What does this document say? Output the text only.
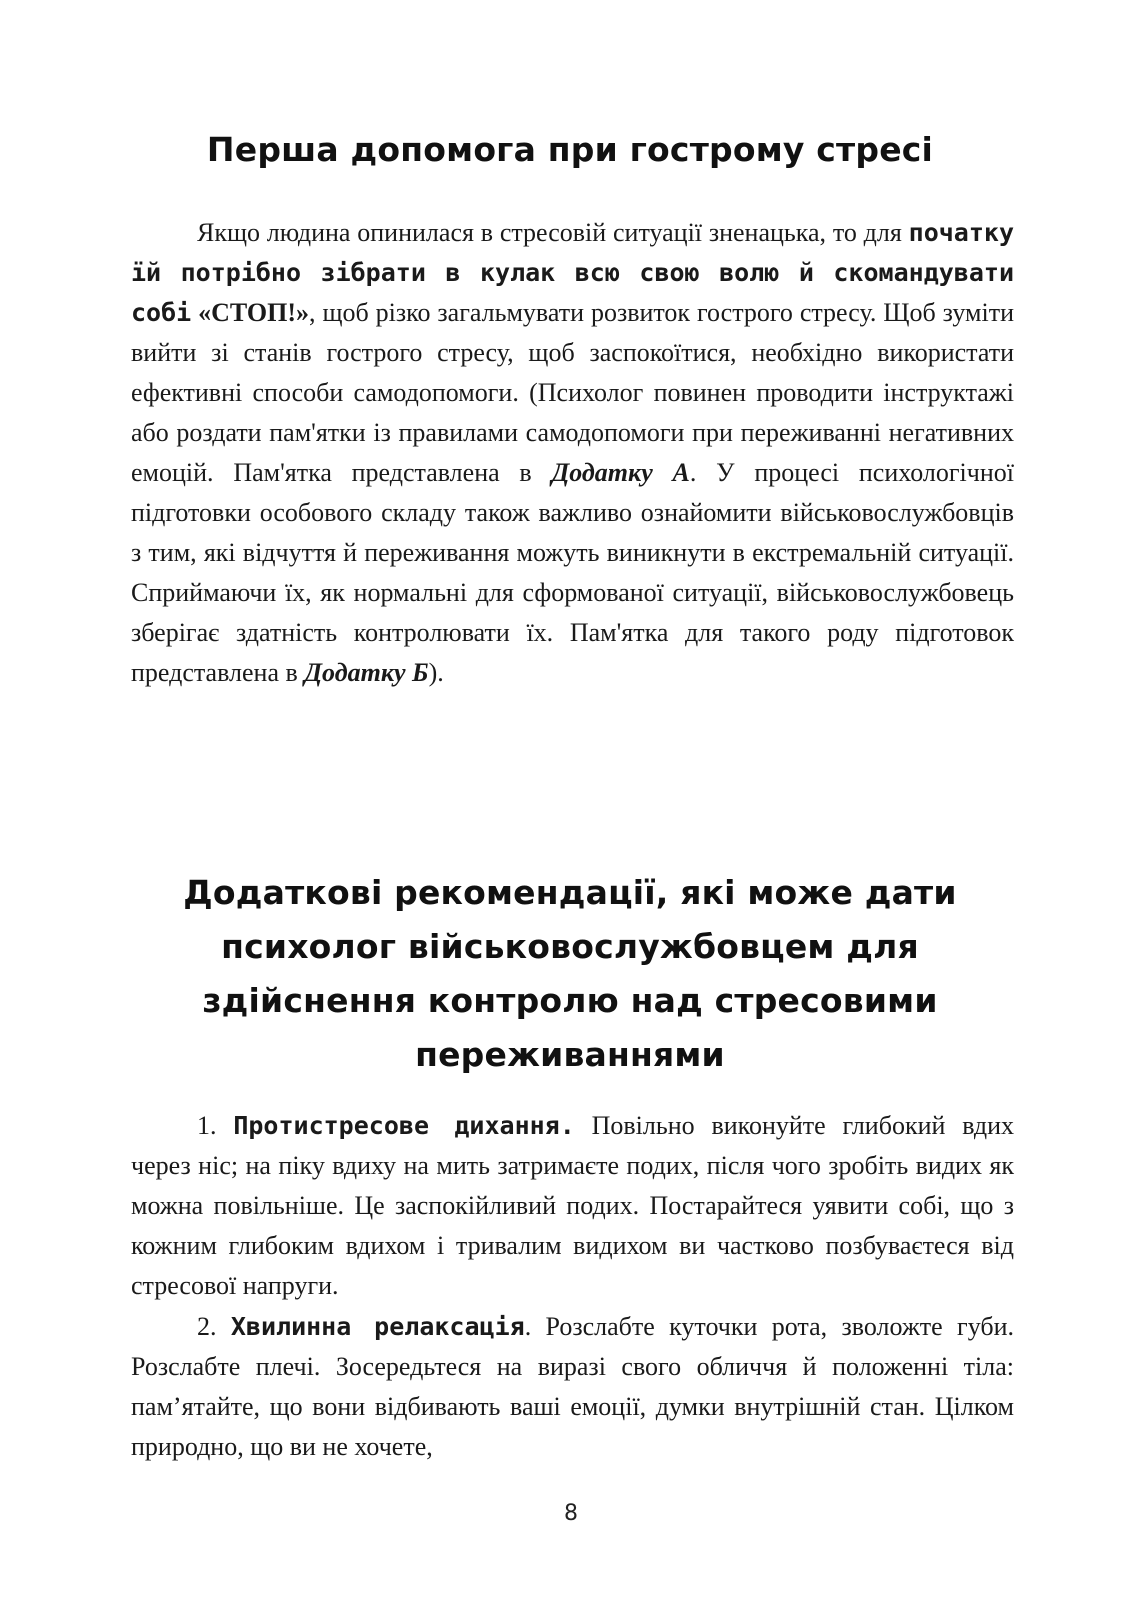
Перша допомога при гострому стресі

Якщо людина опинилася в стресовій ситуації зненацька, то для початку їй потрібно зібрати в кулак всю свою волю й скомандувати собі «СТОП!», щоб різко загальмувати розвиток гострого стресу. Щоб зуміти вийти зі станів гострого стресу, щоб заспокоїтися, необхідно використати ефективні способи самодопомоги. (Психолог повинен проводити інструктажі або роздати пам'ятки із правилами самодопомоги при переживанні негативних емоцій. Пам'ятка представлена в Додатку А. У процесі психологічної підготовки особового складу також важливо ознайомити військовослужбовців з тим, які відчуття й переживання можуть виникнути в екстремальній ситуації. Сприймаючи їх, як нормальні для сформованої ситуації, військовослужбовець зберігає здатність контролювати їх. Пам'ятка для такого роду підготовок представлена в Додатку Б).

Додаткові рекомендації, які може дати психолог військовослужбовцем для здійснення контролю над стресовими переживаннями

1. Протистресове дихання. Повільно виконуйте глибокий вдих через ніс; на піку вдиху на мить затримаєте подих, після чого зробіть видих як можна повільніше. Це заспокійливий подих. Постарайтеся уявити собі, що з кожним глибоким вдихом і тривалим видихом ви частково позбуваєтеся від стресової напруги.

2. Хвилинна релаксація. Розслабте куточки рота, зволожте губи. Розслабте плечі. Зосередьтеся на виразі свого обличчя й положенні тіла: пам’ятайте, що вони відбивають ваші емоції, думки внутрішній стан. Цілком природно, що ви не хочете,

8
